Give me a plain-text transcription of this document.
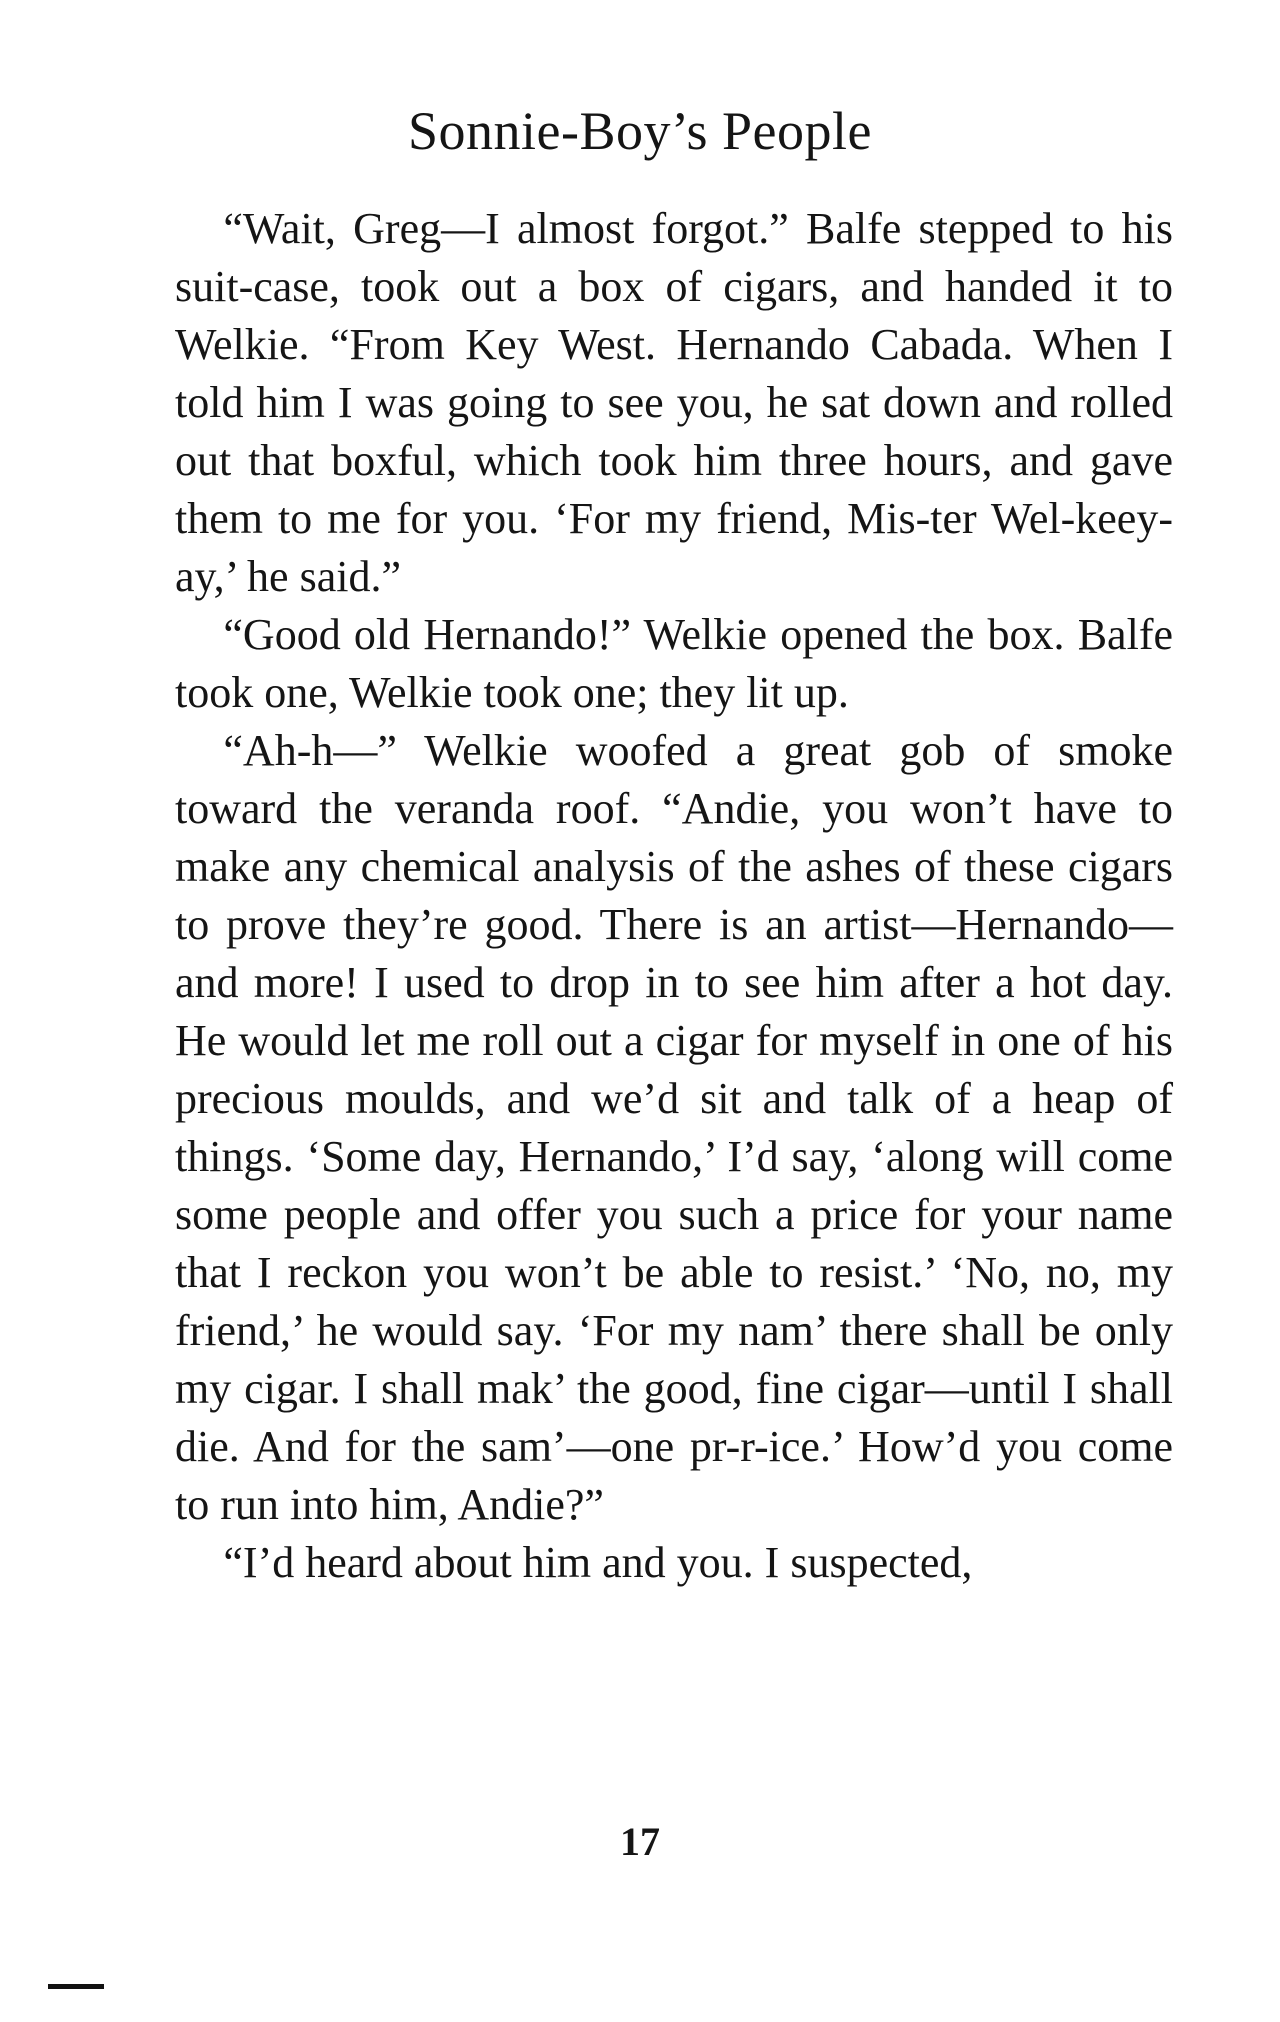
Sonnie-Boy’s People

“Wait, Greg—I almost forgot.” Balfe stepped to his suit-case, took out a box of cigars, and handed it to Welkie. “From Key West. Hernando Cabada. When I told him I was going to see you, he sat down and rolled out that boxful, which took him three hours, and gave them to me for you. ‘For my friend, Mis-ter Wel-keey-ay,’ he said.”

“Good old Hernando!” Welkie opened the box. Balfe took one, Welkie took one; they lit up.

“Ah-h—” Welkie woofed a great gob of smoke toward the veranda roof. “Andie, you won’t have to make any chemical analysis of the ashes of these cigars to prove they’re good. There is an artist—Hernando—and more! I used to drop in to see him after a hot day. He would let me roll out a cigar for myself in one of his precious moulds, and we’d sit and talk of a heap of things. ‘Some day, Hernando,’ I’d say, ‘along will come some people and offer you such a price for your name that I reckon you won’t be able to resist.’ ‘No, no, my friend,’ he would say. ‘For my nam’ there shall be only my cigar. I shall mak’ the good, fine cigar—until I shall die. And for the sam’—one pr-r-ice.’ How’d you come to run into him, Andie?”

“I’d heard about him and you. I suspected,

17
